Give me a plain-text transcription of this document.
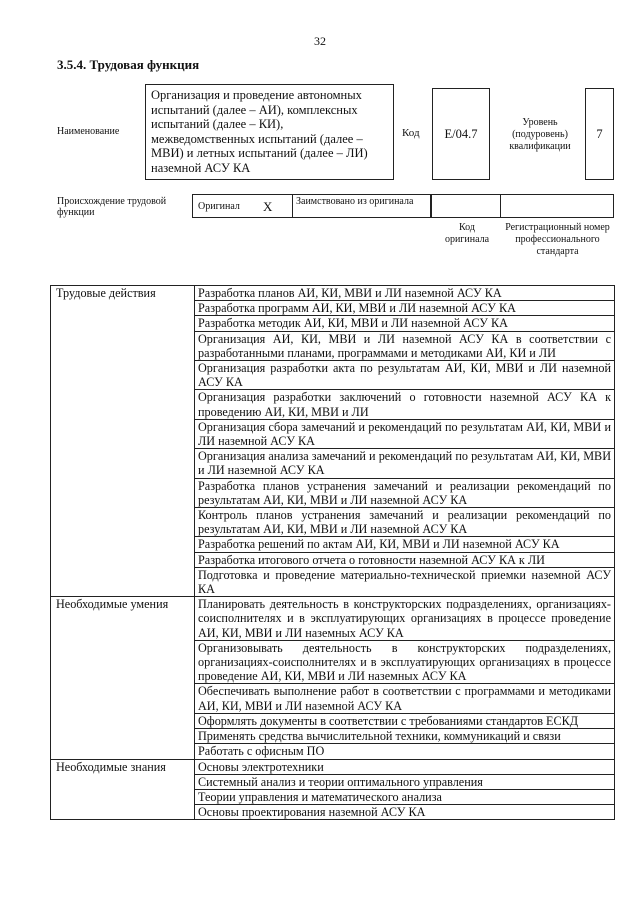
32
3.5.4. Трудовая функция
Наименование
Организация и проведение автономных испытаний (далее – АИ), комплексных испытаний (далее – КИ), межведомственных испытаний (далее – МВИ) и летных испытаний (далее – ЛИ) наземной АСУ КА
Код	E/04.7
Уровень (подуровень) квалификации
7
Происхождение трудовой функции
Оригинал X	Заимствовано из оригинала
Код оригинала
Регистрационный номер профессионального стандарта
Трудовые действия	Разработка планов АИ, КИ, МВИ и ЛИ наземной АСУ КА
	Разработка программ АИ, КИ, МВИ и ЛИ наземной АСУ КА
	Разработка методик АИ, КИ, МВИ и ЛИ наземной АСУ КА
	Организация АИ, КИ, МВИ и ЛИ наземной АСУ КА в соответствии с разработанными планами, программами и методиками АИ, КИ и ЛИ
	Организация разработки акта по результатам АИ, КИ, МВИ и ЛИ наземной АСУ КА
	Организация разработки заключений о готовности наземной АСУ КА к проведению АИ, КИ, МВИ и ЛИ
	Организация сбора замечаний и рекомендаций по результатам АИ, КИ, МВИ и ЛИ наземной АСУ КА
	Организация анализа замечаний и рекомендаций по результатам АИ, КИ, МВИ и ЛИ наземной АСУ КА
	Разработка планов устранения замечаний и реализации рекомендаций по результатам АИ, КИ, МВИ и ЛИ наземной АСУ КА
	Контроль планов устранения замечаний и реализации рекомендаций по результатам АИ, КИ, МВИ и ЛИ наземной АСУ КА
	Разработка решений по актам АИ, КИ, МВИ и ЛИ наземной АСУ КА
	Разработка итогового отчета о готовности наземной АСУ КА к ЛИ
	Подготовка и проведение материально-технической приемки наземной АСУ КА
Необходимые умения	Планировать деятельность в конструкторских подразделениях, организациях-соисполнителях и в эксплуатирующих организациях в процессе проведение АИ, КИ, МВИ и ЛИ наземных АСУ КА
	Организовывать деятельность в конструкторских подразделениях, организациях-соисполнителях и в эксплуатирующих организациях в процессе проведение АИ, КИ, МВИ и ЛИ наземных АСУ КА
	Обеспечивать выполнение работ в соответствии с программами и методиками АИ, КИ, МВИ и ЛИ наземной АСУ КА
	Оформлять документы в соответствии с требованиями стандартов ЕСКД
	Применять средства вычислительной техники, коммуникаций и связи
	Работать с офисным ПО
Необходимые знания	Основы электротехники
	Системный анализ и теории оптимального управления
	Теории управления и математического анализа
	Основы проектирования наземной АСУ КА
